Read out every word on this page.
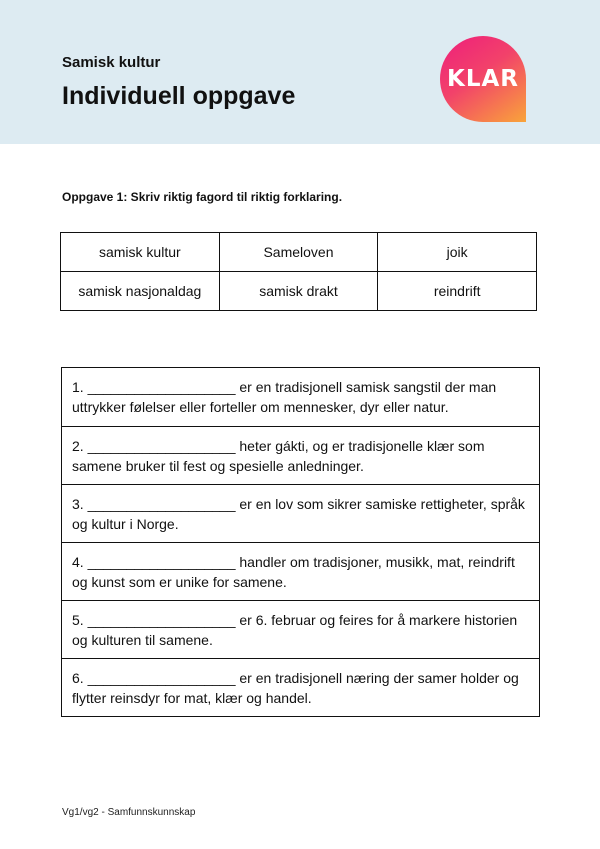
Samisk kultur
Individuell oppgave
KLAR
Oppgave 1: Skriv riktig fagord til riktig forklaring.
samisk kultur	Sameloven	joik
samisk nasjonaldag	samisk drakt	reindrift
1. ___________________ er en tradisjonell samisk sangstil der man uttrykker følelser eller forteller om mennesker, dyr eller natur.
2. ___________________ heter gákti, og er tradisjonelle klær som samene bruker til fest og spesielle anledninger.
3. ___________________ er en lov som sikrer samiske rettigheter, språk og kultur i Norge.
4. ___________________ handler om tradisjoner, musikk, mat, reindrift og kunst som er unike for samene.
5. ___________________ er 6. februar og feires for å markere historien og kulturen til samene.
6. ___________________ er en tradisjonell næring der samer holder og flytter reinsdyr for mat, klær og handel.
Vg1/vg2 - Samfunnskunnskap
